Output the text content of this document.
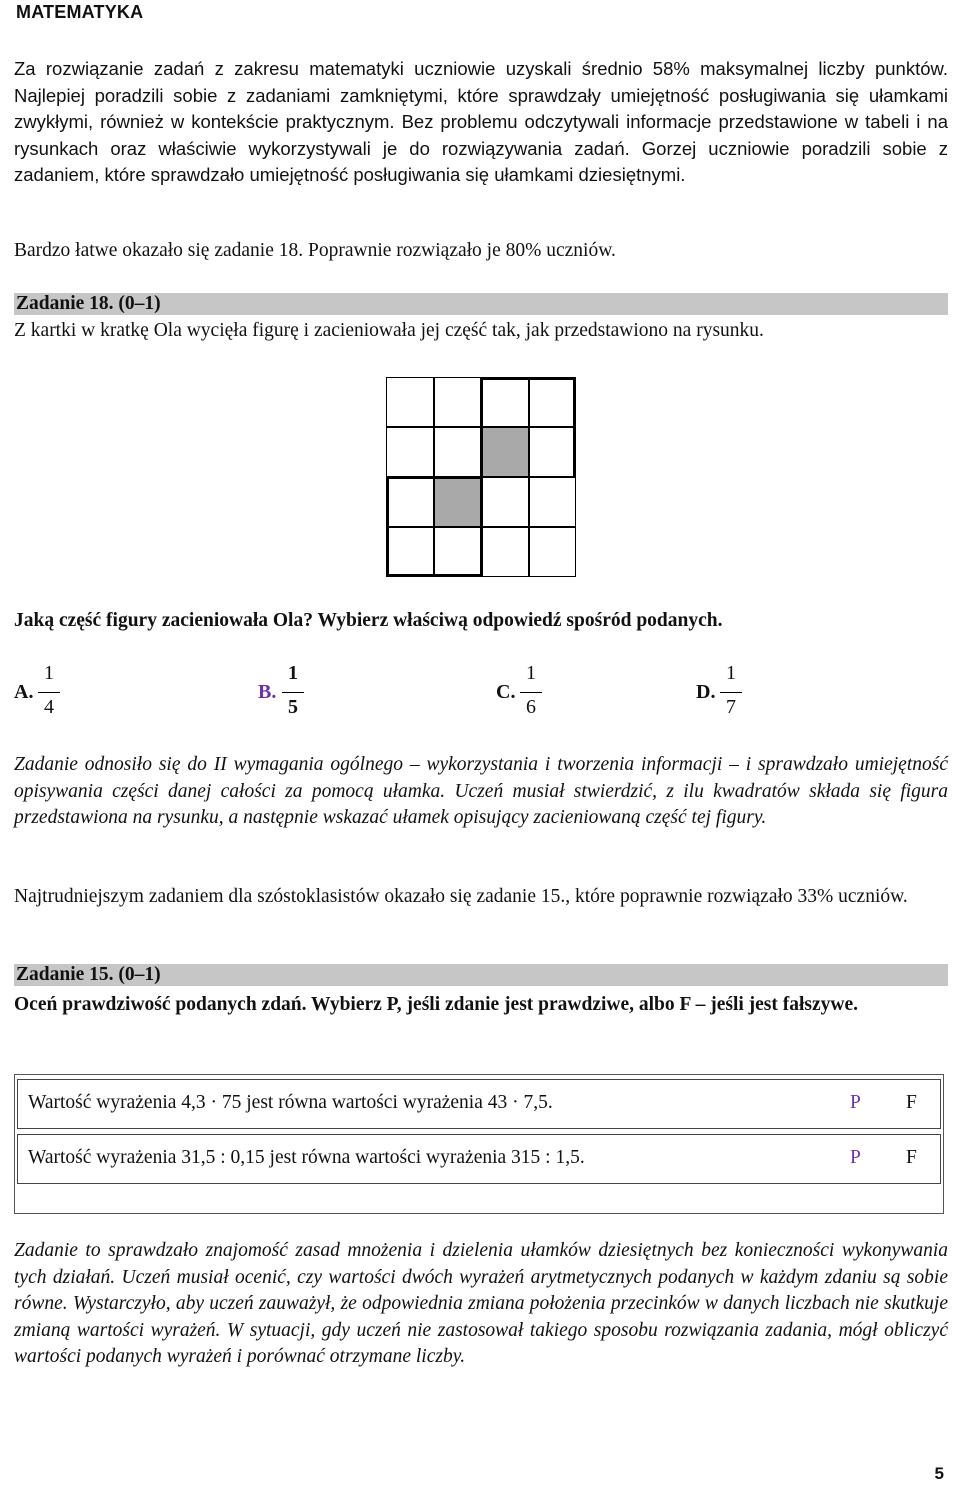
MATEMATYKA

Za rozwiązanie zadań z zakresu matematyki uczniowie uzyskali średnio 58% maksymalnej liczby punktów. Najlepiej poradzili sobie z zadaniami zamkniętymi, które sprawdzały umiejętność posługiwania się ułamkami zwykłymi, również w kontekście praktycznym. Bez problemu odczytywali informacje przedstawione w tabeli i na rysunkach oraz właściwie wykorzystywali je do rozwiązywania zadań. Gorzej uczniowie poradzili sobie z zadaniem, które sprawdzało umiejętność posługiwania się ułamkami dziesiętnymi.

Bardzo łatwe okazało się zadanie 18. Poprawnie rozwiązało je 80% uczniów.

Zadanie 18. (0–1)

Z kartki w kratkę Ola wycięła figurę i zacieniowała jej część tak, jak przedstawiono na rysunku.

Jaką część figury zacieniowała Ola? Wybierz właściwą odpowiedź spośród podanych.

A.
1
4
B.
1
5
C.
1
6
D.
1
7

Zadanie odnosiło się do II wymagania ogólnego – wykorzystania i tworzenia informacji – i sprawdzało umiejętność opisywania części danej całości za pomocą ułamka. Uczeń musiał stwierdzić, z ilu kwadratów składa się figura przedstawiona na rysunku, a następnie wskazać ułamek opisujący zacieniowaną część tej figury.

Najtrudniejszym zadaniem dla szóstoklasistów okazało się zadanie 15., które poprawnie rozwiązało 33% uczniów.

Zadanie 15. (0–1)

Oceń prawdziwość podanych zdań. Wybierz P, jeśli zdanie jest prawdziwe, albo F – jeśli jest fałszywe.

Wartość wyrażenia 4,3 · 75 jest równa wartości wyrażenia 43 · 7,5.	P F
Wartość wyrażenia 31,5 : 0,15 jest równa wartości wyrażenia 315 : 1,5.	P F

Zadanie to sprawdzało znajomość zasad mnożenia i dzielenia ułamków dziesiętnych bez konieczności wykonywania tych działań. Uczeń musiał ocenić, czy wartości dwóch wyrażeń arytmetycznych podanych w każdym zdaniu są sobie równe. Wystarczyło, aby uczeń zauważył, że odpowiednia zmiana położenia przecinków w danych liczbach nie skutkuje zmianą wartości wyrażeń. W sytuacji, gdy uczeń nie zastosował takiego sposobu rozwiązania zadania, mógł obliczyć wartości podanych wyrażeń i porównać otrzymane liczby.

5
